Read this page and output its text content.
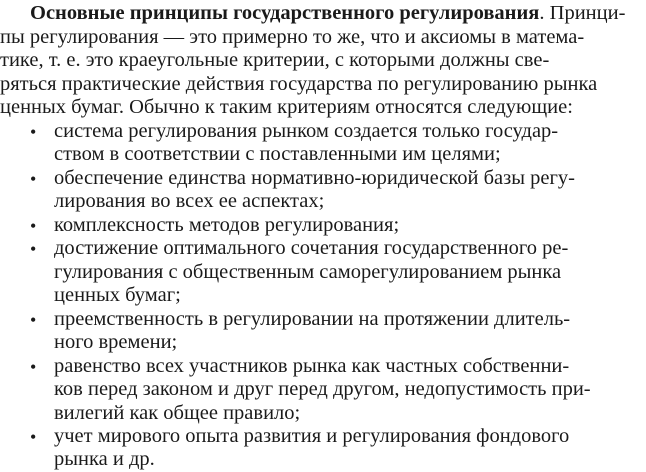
Основные принципы государственного регулирования. Принци-
пы регулирования — это примерно то же, что и аксиомы в матема-
тике, т. е. это краеугольные критерии, с которыми должны све-
ряться практические действия государства по регулированию рынка
ценных бумаг. Обычно к таким критериям относятся следующие:
• система регулирования рынком создается только государ-
ством в соответствии с поставленными им целями;
• обеспечение единства нормативно-юридической базы регу-
лирования во всех ее аспектах;
• комплексность методов регулирования;
• достижение оптимального сочетания государственного ре-
гулирования с общественным саморегулированием рынка
ценных бумаг;
• преемственность в регулировании на протяжении длитель-
ного времени;
• равенство всех участников рынка как частных собственни-
ков перед законом и друг перед другом, недопустимость при-
вилегий как общее правило;
• учет мирового опыта развития и регулирования фондового
рынка и др.
